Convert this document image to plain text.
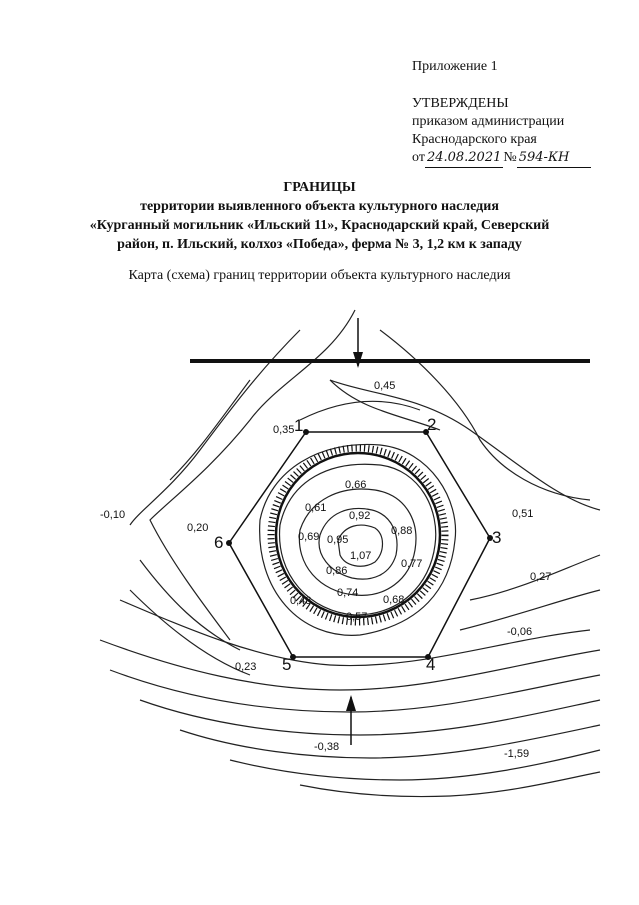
Приложение 1
УТВЕРЖДЕНЫ
приказом администрации
Краснодарского края
от 24.08.2021 № 594-КН
ГРАНИЦЫ
территории выявленного объекта культурного наследия
«Курганный могильник «Ильский 11», Краснодарский край, Северский
район, п. Ильский, колхоз «Победа», ферма № 3, 1,2 км к западу
Карта (схема) границ территории объекта культурного наследия
1	2
3
4
5
6
0,45
0,35
0,66
0,61
0,92
0,88
0,69 0,95
1,07
0,86
0,77
0,74
0,48	0,68
0,57
0,51
0,27
-0,06
-0,10
0,20
0,23
-0,38
-1,59
